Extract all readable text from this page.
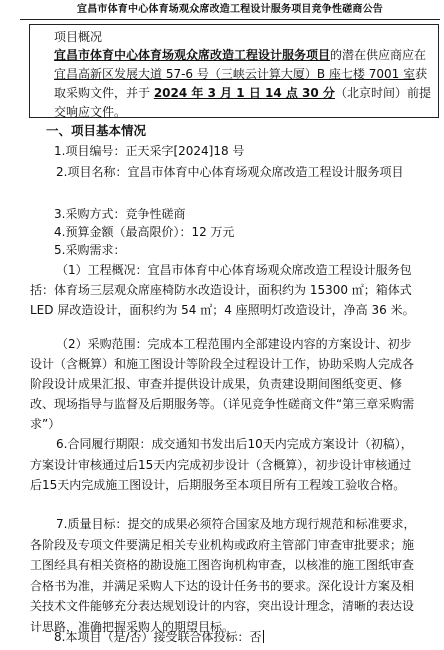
宜昌市体育中心体育场观众席改造工程设计服务项目竞争性磋商公告
项目概况

宜昌市体育中心体育场观众席改造工程设计服务项目的潜在供应商应在宜昌高新区发展大道 57-6 号（三峡云计算大厦）B 座七楼 7001 室获取采购文件，并于 2024 年 3 月 1 日 14 点 30 分（北京时间）前提交响应文件。

一、项目基本情况

1.项目编号：正天采字[2024]18 号

2.项目名称：宜昌市体育中心体育场观众席改造工程设计服务项目

3.采购方式：竞争性磋商

4.预算金额（最高限价）：12 万元

5.采购需求：

（1）工程概况：宜昌市体育中心体育场观众席改造工程设计服务包括：体育场三层观众席座椅防水改造设计，面积约为 15300 ㎡；箱体式 LED 屏改造设计，面积约为 54 ㎡；4 座照明灯改造设计，净高 36 米。

（2）采购范围：完成本工程范围内全部建设内容的方案设计、初步设计（含概算）和施工图设计等阶段全过程设计工作，协助采购人完成各阶段设计成果汇报、审查并提供设计成果，负责建设期间图纸变更、修改、现场指导与监督及后期服务等。（详见竞争性磋商文件“第三章采购需求”）

6.合同履行期限：成交通知书发出后10天内完成方案设计（初稿），方案设计审核通过后15天内完成初步设计（含概算），初步设计审核通过后15天内完成施工图设计，后期服务至本项目所有工程竣工验收合格。

7.质量目标：提交的成果必须符合国家及地方现行规范和标准要求，各阶段及专项文件要满足相关专业机构或政府主管部门审查审批要求；施工图经具有相关资格的勘设施工图咨询机构审查，以核准的施工图纸审查合格书为准，并满足采购人下达的设计任务书的要求。深化设计方案及相关技术文件能够充分表达规划设计的内容，突出设计理念，清晰的表达设计思路，准确把握采购人的期望目标。

8.本项目（是/否）接受联合体投标：否
